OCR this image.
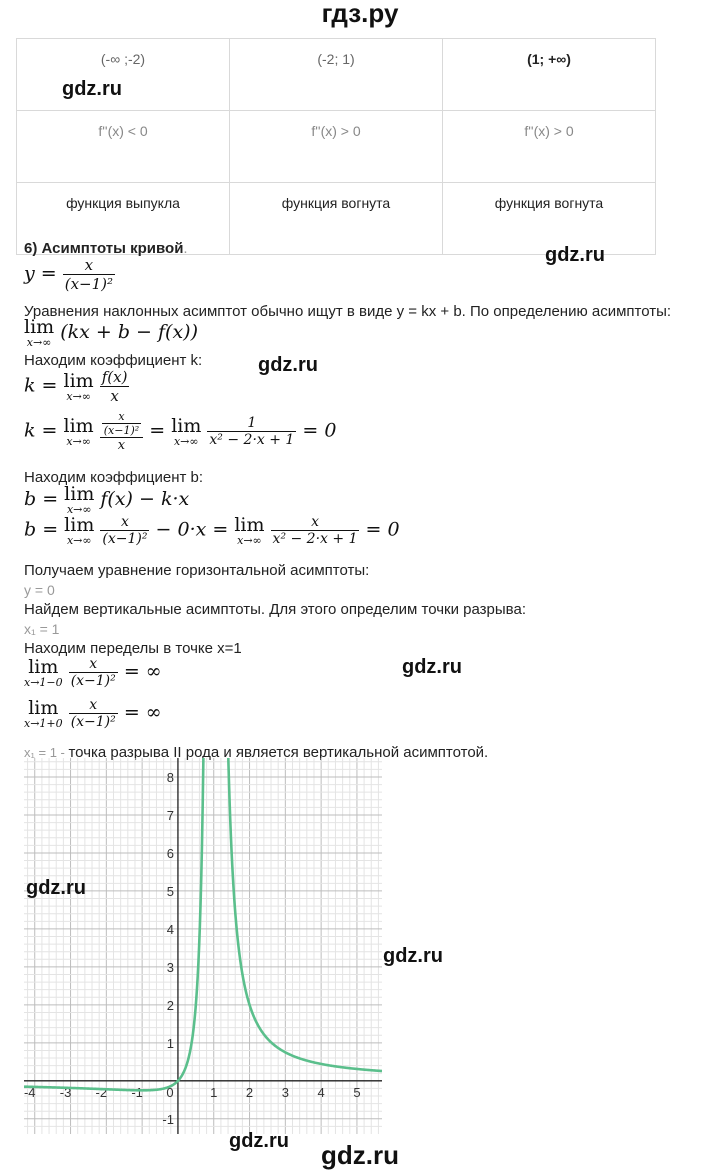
гдз.ру
(-∞ ;-2)	(-2; 1)	(1; +∞)
f''(x) < 0	f''(x) > 0	f''(x) > 0
функция выпукла	функция вогнута	функция вогнута
gdz.ru
6) Асимптоты кривой.	gdz.ru
$y = \frac{x}{\text{(x−1)²}}$
Уравнения наклонных асимптот обычно ищут в виде y = kx + b. По определению асимптоты:
lim
x→∞ (kx + b − f(x))
Находим коэффициент k:	gdz.ru
k = lim
x→∞
$\frac{f(x)}{x}$
k = lim
x→∞
$\frac{\frac{x}{\text{(x−1)²}}}{x} = \lim$
x→∞
$\frac{1}{\text{x² − 2·x + 1}} = 0$
Находим коэффициент b:
b = lim
x→∞ f(x) − k·x
b = lim
x→∞
$\frac{x}{\text{(x−1)²}} - 0\cdot x = \lim$
x→∞
$\frac{x}{\text{x² − 2·x + 1}} = 0$
Получаем уравнение горизонтальной асимптоты:
y = 0
Найдем вертикальные асимптоты. Для этого определим точки разрыва:
x₁ = 1
Находим переделы в точке x=1
lim
x→1−0
$\frac{x}{\text{(x−1)²}}$ = ∞	gdz.ru
lim
x→1+0
$\frac{x}{\text{(x−1)²}}$ = ∞
x₁ = 1 - точка разрыва II рода и является вертикальной асимптотой.
-4 -3 -2 -1 0	1 2 3 4 5
-1
1
2
3
4
5
6
7
8
gdz.ru
gdz.ru
gdz.ru	gdz.ru
